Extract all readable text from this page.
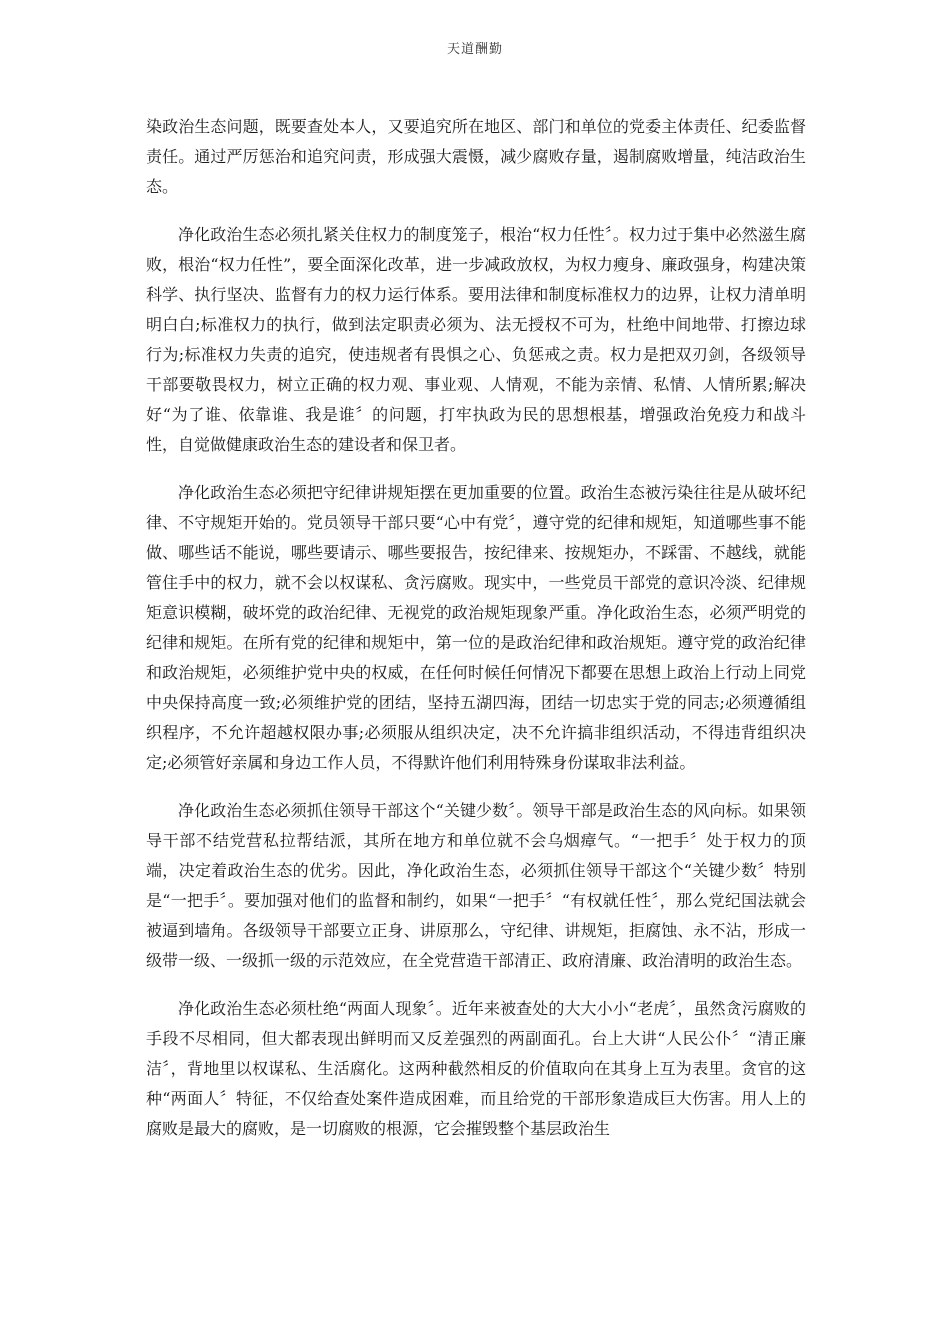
天道酬勤

染政治生态问题，既要查处本人，又要追究所在地区、部门和单位的党委主体责任、纪委监督责任。通过严厉惩治和追究问责，形成强大震慑，减少腐败存量，遏制腐败增量，纯洁政治生态。

净化政治生态必须扎紧关住权力的制度笼子，根治“权力任性〞。权力过于集中必然滋生腐败，根治“权力任性”，要全面深化改革，进一步减政放权，为权力瘦身、廉政强身，构建决策科学、执行坚决、监督有力的权力运行体系。要用法律和制度标准权力的边界，让权力清单明明白白;标准权力的执行，做到法定职责必须为、法无授权不可为，杜绝中间地带、打擦边球行为;标准权力失责的追究，使违规者有畏惧之心、负惩戒之责。权力是把双刃剑，各级领导干部要敬畏权力，树立正确的权力观、事业观、人情观，不能为亲情、私情、人情所累;解决好“为了谁、依靠谁、我是谁〞的问题，打牢执政为民的思想根基，增强政治免疫力和战斗性，自觉做健康政治生态的建设者和保卫者。

净化政治生态必须把守纪律讲规矩摆在更加重要的位置。政治生态被污染往往是从破坏纪律、不守规矩开始的。党员领导干部只要“心中有党〞，遵守党的纪律和规矩，知道哪些事不能做、哪些话不能说，哪些要请示、哪些要报告，按纪律来、按规矩办，不踩雷、不越线，就能管住手中的权力，就不会以权谋私、贪污腐败。现实中，一些党员干部党的意识冷淡、纪律规矩意识模糊，破坏党的政治纪律、无视党的政治规矩现象严重。净化政治生态，必须严明党的纪律和规矩。在所有党的纪律和规矩中，第一位的是政治纪律和政治规矩。遵守党的政治纪律和政治规矩，必须维护党中央的权威，在任何时候任何情况下都要在思想上政治上行动上同党中央保持高度一致;必须维护党的团结，坚持五湖四海，团结一切忠实于党的同志;必须遵循组织程序，不允许超越权限办事;必须服从组织决定，决不允许搞非组织活动，不得违背组织决定;必须管好亲属和身边工作人员，不得默许他们利用特殊身份谋取非法利益。

净化政治生态必须抓住领导干部这个“关键少数〞。领导干部是政治生态的风向标。如果领导干部不结党营私拉帮结派，其所在地方和单位就不会乌烟瘴气。“一把手〞处于权力的顶端，决定着政治生态的优劣。因此，净化政治生态，必须抓住领导干部这个“关键少数〞特别是“一把手〞。要加强对他们的监督和制约，如果“一把手〞“有权就任性〞，那么党纪国法就会被逼到墙角。各级领导干部要立正身、讲原那么，守纪律、讲规矩，拒腐蚀、永不沾，形成一级带一级、一级抓一级的示范效应，在全党营造干部清正、政府清廉、政治清明的政治生态。

净化政治生态必须杜绝“两面人现象〞。近年来被查处的大大小小“老虎〞，虽然贪污腐败的手段不尽相同，但大都表现出鲜明而又反差强烈的两副面孔。台上大讲“人民公仆〞“清正廉洁〞，背地里以权谋私、生活腐化。这两种截然相反的价值取向在其身上互为表里。贪官的这种“两面人〞特征，不仅给查处案件造成困难，而且给党的干部形象造成巨大伤害。用人上的腐败是最大的腐败，是一切腐败的根源，它会摧毁整个基层政治生
